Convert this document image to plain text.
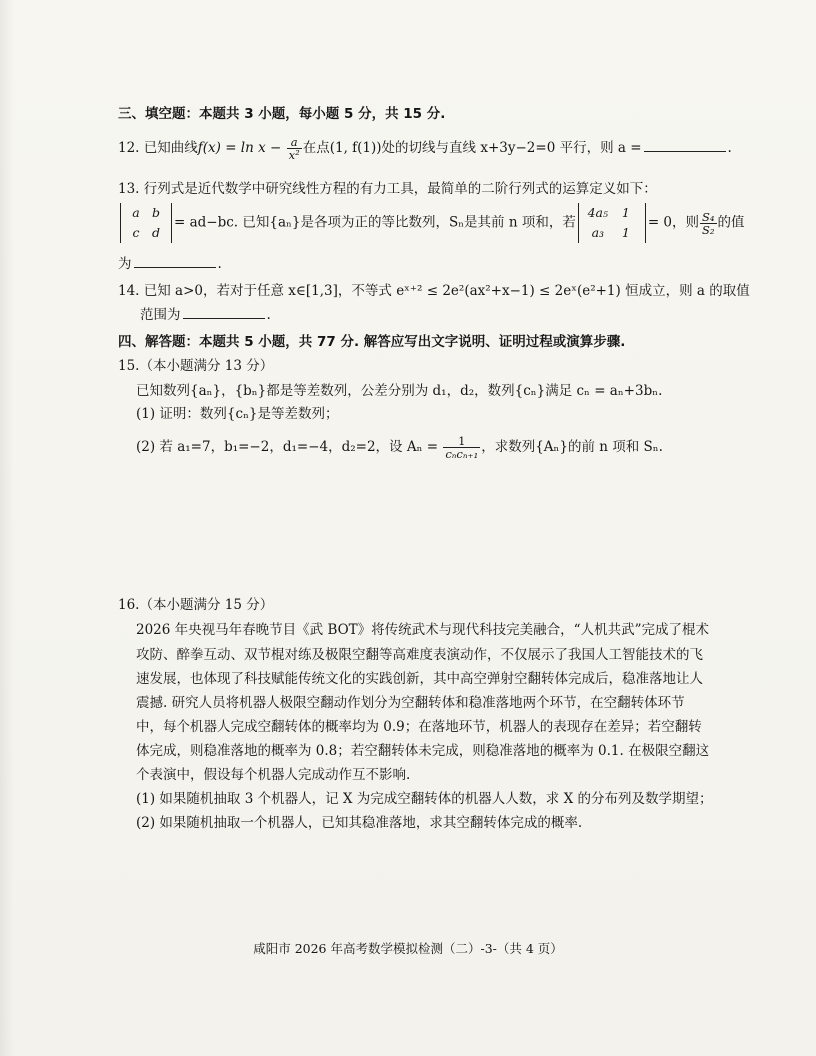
三、填空题：本题共 3 小题，每小题 5 分，共 15 分.
12. 已知曲线$f(x) = \ln x - \frac{a}{\text{x²}}$ 在点(1, f(1))处的切线与直线 x+3y−2=0 平行，则 a =	.
13. 行列式是近代数学中研究线性方程的有力工具，最简单的二阶行列式的运算定义如下：
a b
c d
= ad−bc. 已知{aₙ}是各项为正的等比数列，Sₙ是其前 n 项和，若
4a₅ 1
a₃ 1
= 0，则 $\frac{\text{S₄}}{\text{S₂}}$ 的值
为	.
14. 已知 a>0，若对于任意 x∈[1,3]，不等式 eˣ⁺² ≤ 2e²(ax²+x−1) ≤ 2eˣ(e²+1) 恒成立，则 a 的取值
范围为	.
四、解答题：本题共 5 小题，共 77 分. 解答应写出文字说明、证明过程或演算步骤.
15.（本小题满分 13 分）
已知数列{aₙ}，{bₙ}都是等差数列，公差分别为 d₁，d₂，数列{cₙ}满足 cₙ = aₙ+3bₙ.
(1) 证明：数列{cₙ}是等差数列；
(2) 若 a₁=7，b₁=−2，d₁=−4，d₂=2，设 $A_n = \frac{1}{\text{cₙcₙ₊₁}}$ ，求数列{Aₙ}的前 n 项和 Sₙ.
16.（本小题满分 15 分）
2026 年央视马年春晚节目《武 BOT》将传统武术与现代科技完美融合，“人机共武”完成了棍术
攻防、醉拳互动、双节棍对练及极限空翻等高难度表演动作，不仅展示了我国人工智能技术的飞
速发展，也体现了科技赋能传统文化的实践创新，其中高空弹射空翻转体完成后，稳准落地让人
震撼. 研究人员将机器人极限空翻动作划分为空翻转体和稳准落地两个环节，在空翻转体环节
中，每个机器人完成空翻转体的概率均为 0.9；在落地环节，机器人的表现存在差异；若空翻转
体完成，则稳准落地的概率为 0.8；若空翻转体未完成，则稳准落地的概率为 0.1. 在极限空翻这
个表演中，假设每个机器人完成动作互不影响.
(1) 如果随机抽取 3 个机器人，记 X 为完成空翻转体的机器人人数，求 X 的分布列及数学期望；
(2) 如果随机抽取一个机器人，已知其稳准落地，求其空翻转体完成的概率.
咸阳市 2026 年高考数学模拟检测（二）-3-（共 4 页）
